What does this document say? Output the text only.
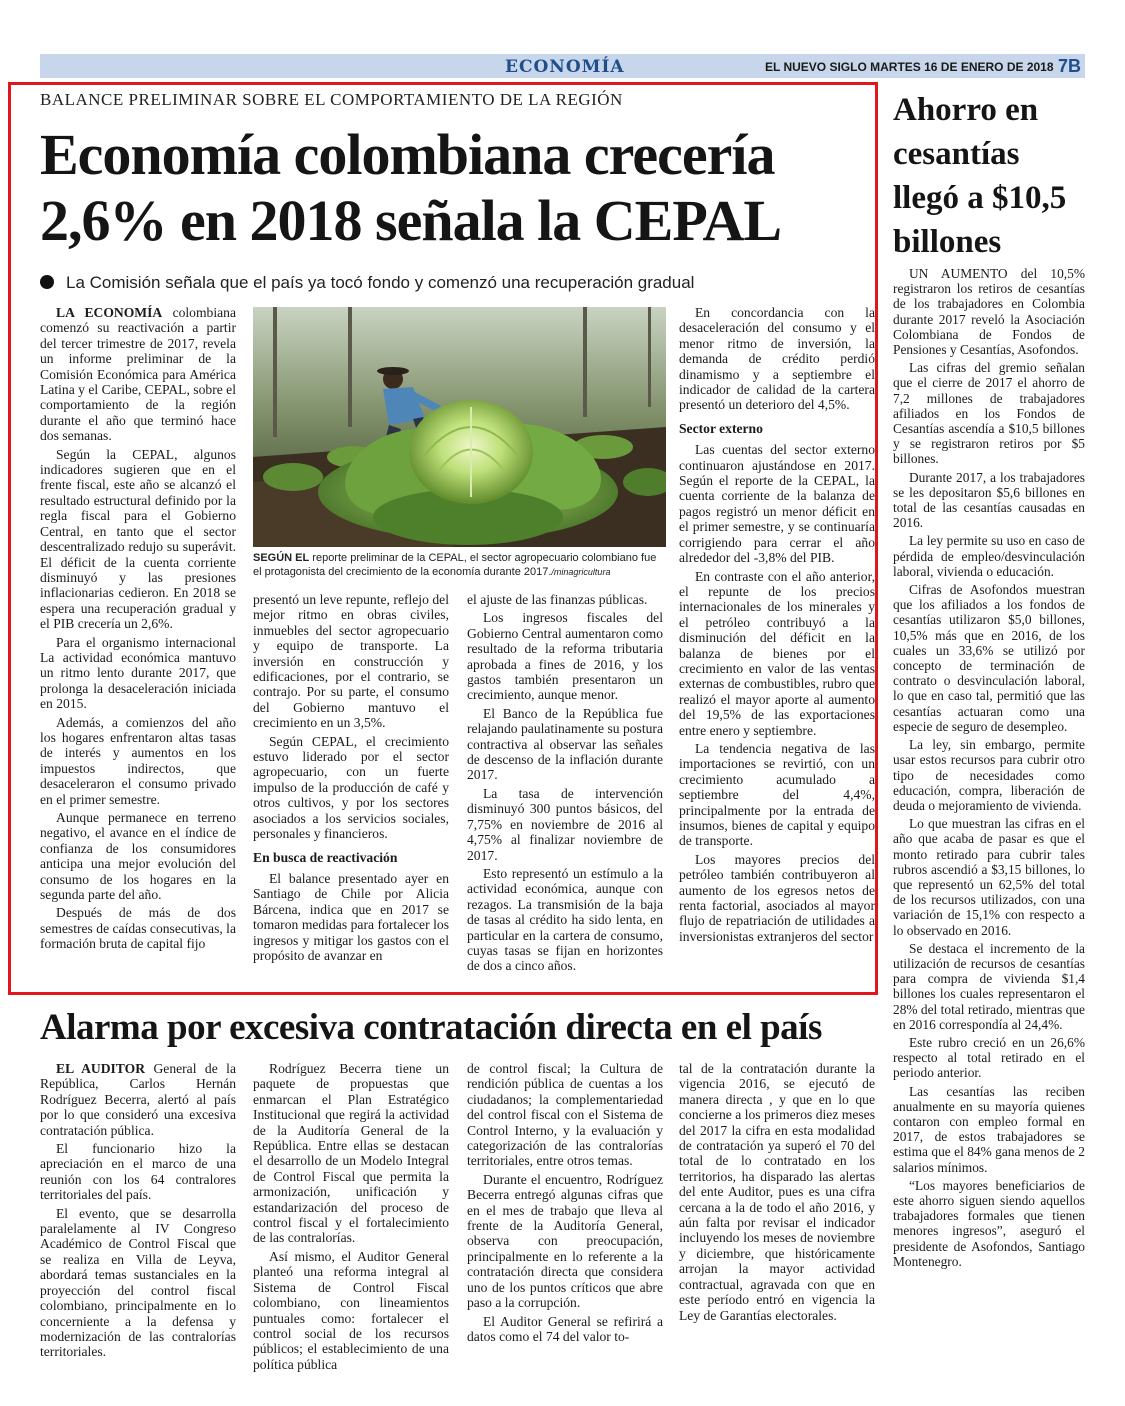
ECONOMÍA	EL NUEVO SIGLO MARTES 16 DE ENERO DE 2018 7B
BALANCE PRELIMINAR SOBRE EL COMPORTAMIENTO DE LA REGIÓN
Economía colombiana crecería
2,6% en 2018 señala la CEPAL
La Comisión señala que el país ya tocó fondo y comenzó una recuperación gradual

LA ECONOMÍA colombiana comenzó su reactivación a partir del tercer trimestre de 2017, revela un informe preliminar de la Comisión Económica para América Latina y el Caribe, CEPAL, sobre el comportamiento de la región durante el año que terminó hace dos semanas.

Según la CEPAL, algunos indicadores sugieren que en el frente fiscal, este año se alcanzó el resultado estructural definido por la regla fiscal para el Gobierno Central, en tanto que el sector descentralizado redujo su superávit. El déficit de la cuenta corriente disminuyó y las presiones inflacionarias cedieron. En 2018 se espera una recuperación gradual y el PIB crecería un 2,6%.

Para el organismo internacional La actividad económica mantuvo un ritmo lento durante 2017, que prolonga la desaceleración iniciada en 2015.

Además, a comienzos del año los hogares enfrentaron altas tasas de interés y aumentos en los impuestos indirectos, que desaceleraron el consumo privado en el primer semestre.

Aunque permanece en terreno negativo, el avance en el índice de confianza de los consumidores anticipa una mejor evolución del consumo de los hogares en la segunda parte del año.

Después de más de dos semestres de caídas consecutivas, la formación bruta de capital fijo

SEGÚN EL reporte preliminar de la CEPAL, el sector agropecuario colombiano fue el protagonista del crecimiento de la economía durante 2017./minagricultura

presentó un leve repunte, reflejo del mejor ritmo en obras civiles, inmuebles del sector agropecuario y equipo de transporte. La inversión en construcción y edificaciones, por el contrario, se contrajo. Por su parte, el consumo del Gobierno mantuvo el crecimiento en un 3,5%.

Según CEPAL, el crecimiento estuvo liderado por el sector agropecuario, con un fuerte impulso de la producción de café y otros cultivos, y por los sectores asociados a los servicios sociales, personales y financieros.

En busca de reactivación

El balance presentado ayer en Santiago de Chile por Alicia Bárcena, indica que en 2017 se tomaron medidas para fortalecer los ingresos y mitigar los gastos con el propósito de avanzar en

el ajuste de las finanzas públicas.

Los ingresos fiscales del Gobierno Central aumentaron como resultado de la reforma tributaria aprobada a fines de 2016, y los gastos también presentaron un crecimiento, aunque menor.

El Banco de la República fue relajando paulatinamente su postura contractiva al observar las señales de descenso de la inflación durante 2017.

La tasa de intervención disminuyó 300 puntos básicos, del 7,75% en noviembre de 2016 al 4,75% al finalizar noviembre de 2017.

Esto representó un estímulo a la actividad económica, aunque con rezagos. La transmisión de la baja de tasas al crédito ha sido lenta, en particular en la cartera de consumo, cuyas tasas se fijan en horizontes de dos a cinco años.

En concordancia con la desaceleración del consumo y el menor ritmo de inversión, la demanda de crédito perdió dinamismo y a septiembre el indicador de calidad de la cartera presentó un deterioro del 4,5%.

Sector externo

Las cuentas del sector externo continuaron ajustándose en 2017. Según el reporte de la CEPAL, la cuenta corriente de la balanza de pagos registró un menor déficit en el primer semestre, y se continuaría corrigiendo para cerrar el año alrededor del -3,8% del PIB.

En contraste con el año anterior, el repunte de los precios internacionales de los minerales y el petróleo contribuyó a la disminución del déficit en la balanza de bienes por el crecimiento en valor de las ventas externas de combustibles, rubro que realizó el mayor aporte al aumento del 19,5% de las exportaciones entre enero y septiembre.

La tendencia negativa de las importaciones se revirtió, con un crecimiento acumulado a septiembre del 4,4%, principalmente por la entrada de insumos, bienes de capital y equipo de transporte.

Los mayores precios del petróleo también contribuyeron al aumento de los egresos netos de renta factorial, asociados al mayor flujo de repatriación de utilidades a inversionistas extranjeros del sector

Ahorro en
cesantías
llegó a $10,5
billones

UN AUMENTO del 10,5% registraron los retiros de cesantías de los trabajadores en Colombia durante 2017 reveló la Asociación Colombiana de Fondos de Pensiones y Cesantías, Asofondos.

Las cifras del gremio señalan que el cierre de 2017 el ahorro de 7,2 millones de trabajadores afiliados en los Fondos de Cesantías ascendía a $10,5 billones y se registraron retiros por $5 billones.

Durante 2017, a los trabajadores se les depositaron $5,6 billones en total de las cesantías causadas en 2016.

La ley permite su uso en caso de pérdida de empleo/desvinculación laboral, vivienda o educación.

Cifras de Asofondos muestran que los afiliados a los fondos de cesantías utilizaron $5,0 billones, 10,5% más que en 2016, de los cuales un 33,6% se utilizó por concepto de terminación de contrato o desvinculación laboral, lo que en caso tal, permitió que las cesantías actuaran como una especie de seguro de desempleo.

La ley, sin embargo, permite usar estos recursos para cubrir otro tipo de necesidades como educación, compra, liberación de deuda o mejoramiento de vivienda.

Lo que muestran las cifras en el año que acaba de pasar es que el monto retirado para cubrir tales rubros ascendió a $3,15 billones, lo que representó un 62,5% del total de los recursos utilizados, con una variación de 15,1% con respecto a lo observado en 2016.

Se destaca el incremento de la utilización de recursos de cesantías para compra de vivienda $1,4 billones los cuales representaron el 28% del total retirado, mientras que en 2016 correspondía al 24,4%.

Este rubro creció en un 26,6% respecto al total retirado en el periodo anterior.

Las cesantías las reciben anualmente en su mayoría quienes contaron con empleo formal en 2017, de estos trabajadores se estima que el 84% gana menos de 2 salarios mínimos.

“Los mayores beneficiarios de este ahorro siguen siendo aquellos trabajadores formales que tienen menores ingresos”, aseguró el presidente de Asofondos, Santiago Montenegro.

Alarma por excesiva contratación directa en el país

EL AUDITOR General de la República, Carlos Hernán Rodríguez Becerra, alertó al país por lo que consideró una excesiva contratación pública.

El funcionario hizo la apreciación en el marco de una reunión con los 64 contralores territoriales del país.

El evento, que se desarrolla paralelamente al IV Congreso Académico de Control Fiscal que se realiza en Villa de Leyva, abordará temas sustanciales en la proyección del control fiscal colombiano, principalmente en lo concerniente a la defensa y modernización de las contralorías territoriales.

Rodríguez Becerra tiene un paquete de propuestas que enmarcan el Plan Estratégico Institucional que regirá la actividad de la Auditoría General de la República. Entre ellas se destacan el desarrollo de un Modelo Integral de Control Fiscal que permita la armonización, unificación y estandarización del proceso de control fiscal y el fortalecimiento de las contralorías.

Así mismo, el Auditor General planteó una reforma integral al Sistema de Control Fiscal colombiano, con lineamientos puntuales como: fortalecer el control social de los recursos públicos; el establecimiento de una política pública

de control fiscal; la Cultura de rendición pública de cuentas a los ciudadanos; la complementariedad del control fiscal con el Sistema de Control Interno, y la evaluación y categorización de las contralorías territoriales, entre otros temas.

Durante el encuentro, Rodríguez Becerra entregó algunas cifras que en el mes de trabajo que lleva al frente de la Auditoría General, observa con preocupación, principalmente en lo referente a la contratación directa que considera uno de los puntos críticos que abre paso a la corrupción.

El Auditor General se refirirá a datos como el 74 del valor to-

tal de la contratación durante la vigencia 2016, se ejecutó de manera directa , y que en lo que concierne a los primeros diez meses del 2017 la cifra en esta modalidad de contratación ya superó el 70 del total de lo contratado en los territorios, ha disparado las alertas del ente Auditor, pues es una cifra cercana a la de todo el año 2016, y aún falta por revisar el indicador incluyendo los meses de noviembre y diciembre, que históricamente arrojan la mayor actividad contractual, agravada con que en este período entró en vigencia la Ley de Garantías electorales.
